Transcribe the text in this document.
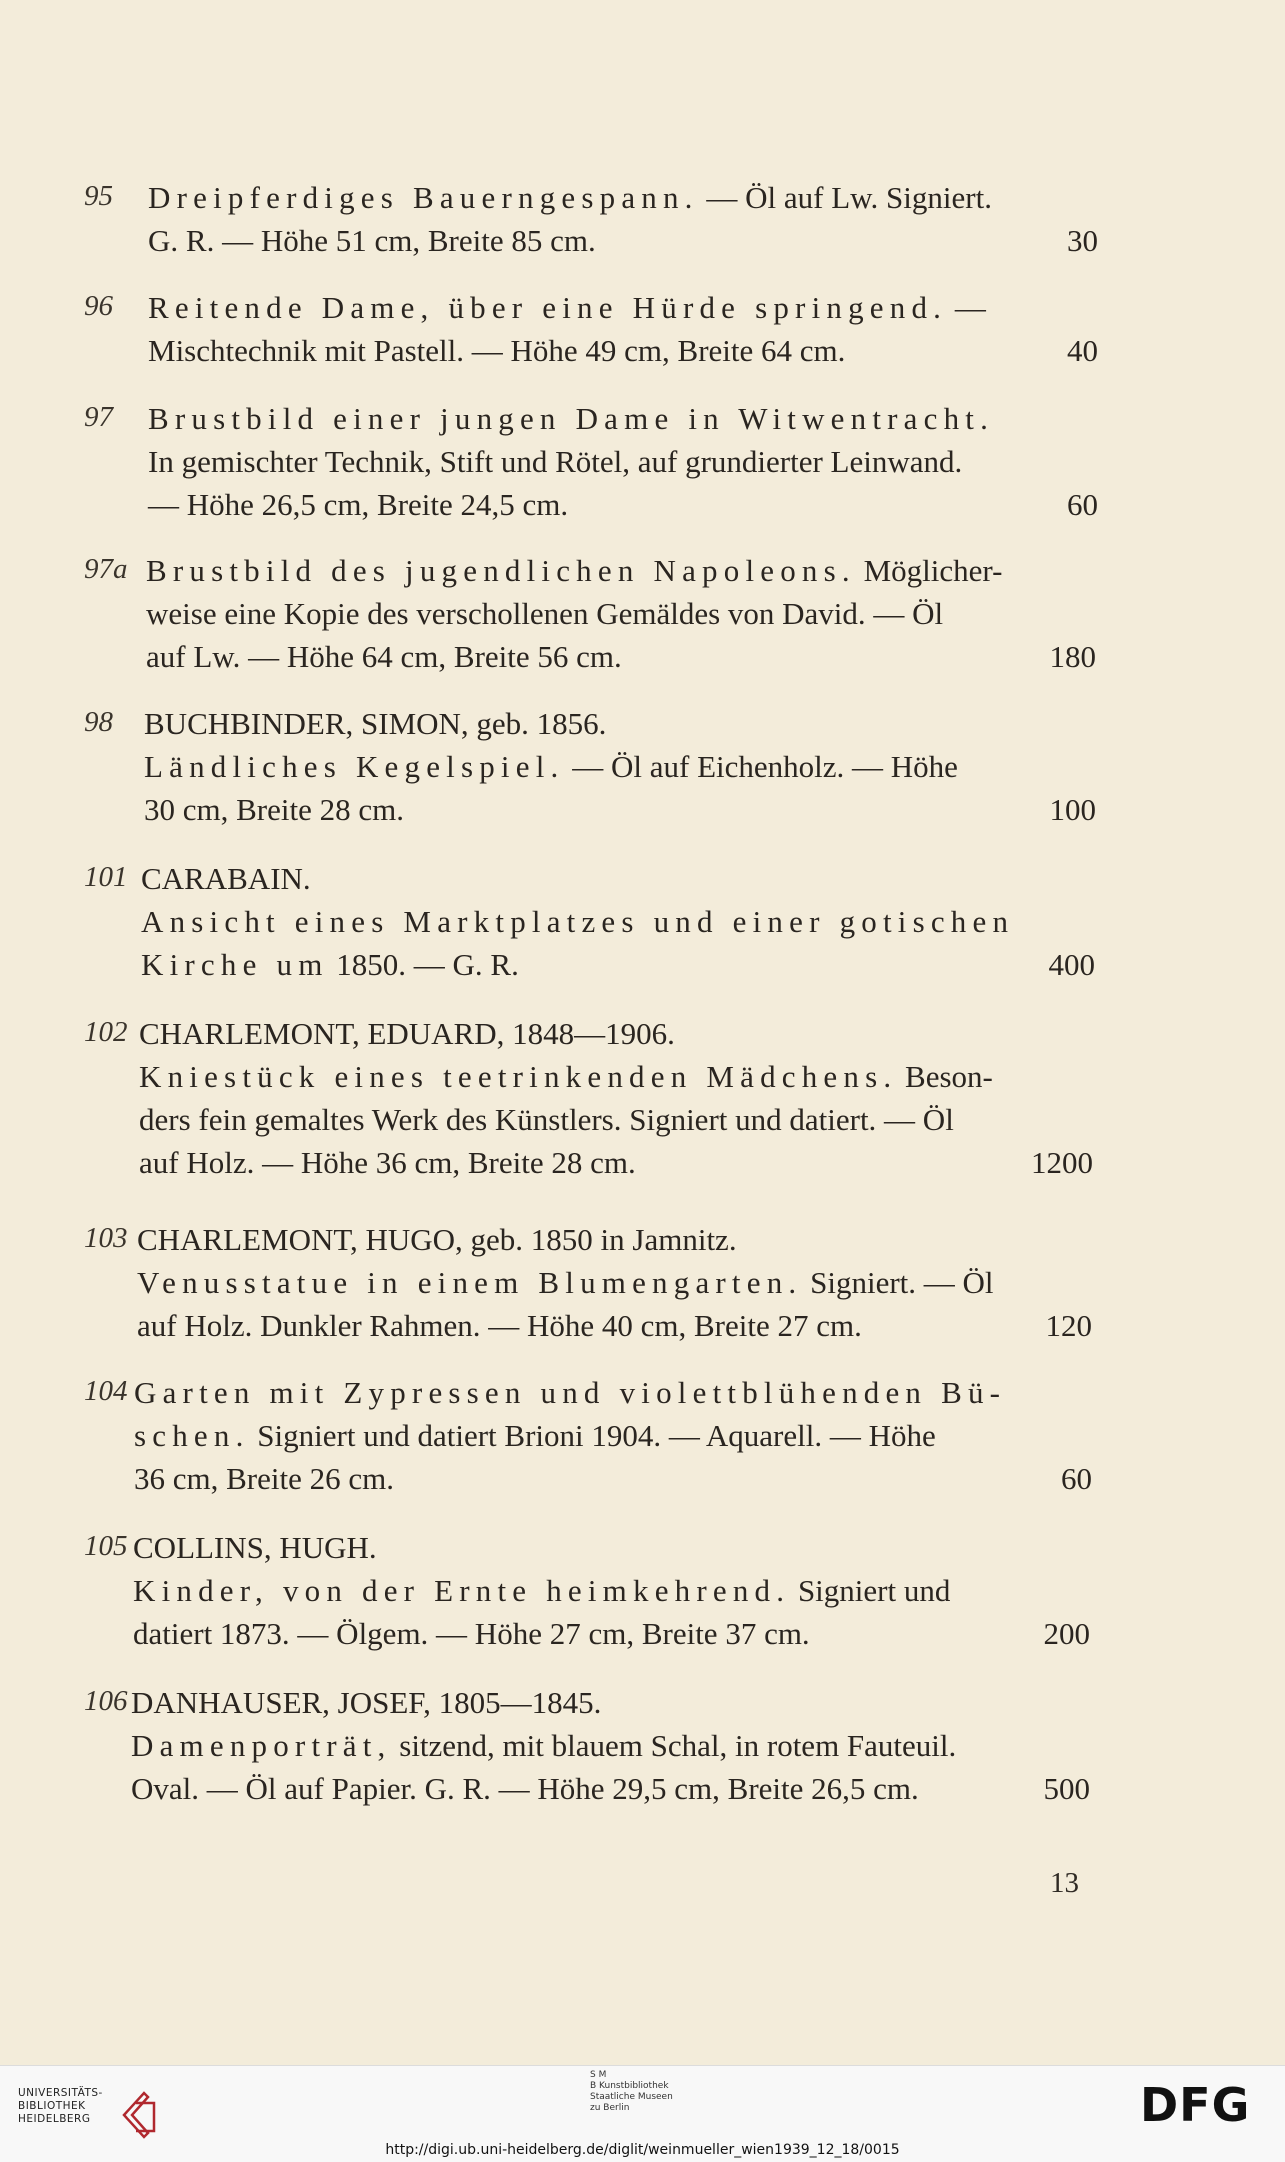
95	Dreipferdiges Bauerngespann. — Öl auf Lw. Signiert.
G. R. — Höhe 51 cm, Breite 85 cm.	30
96	Reitende Dame, über eine Hürde springend. —
Mischtechnik mit Pastell. — Höhe 49 cm, Breite 64 cm.	40
97	Brustbild einer jungen Dame in Witwentracht.
In gemischter Technik, Stift und Rötel, auf grundierter Leinwand.
— Höhe 26,5 cm, Breite 24,5 cm.	60
97a Brustbild des jugendlichen Napoleons. Möglicher-
weise eine Kopie des verschollenen Gemäldes von David. — Öl
auf Lw. — Höhe 64 cm, Breite 56 cm.	180
98	BUCHBINDER, SIMON, geb. 1856.
Ländliches Kegelspiel. — Öl auf Eichenholz. — Höhe
30 cm, Breite 28 cm.	100
101 CARABAIN.
Ansicht eines Marktplatzes und einer gotischen
Kirche um 1850. — G. R.	400
102 CHARLEMONT, EDUARD, 1848—1906.
Kniestück eines teetrinkenden Mädchens. Beson-
ders fein gemaltes Werk des Künstlers. Signiert und datiert. — Öl
auf Holz. — Höhe 36 cm, Breite 28 cm.	1200
103 CHARLEMONT, HUGO, geb. 1850 in Jamnitz.
Venusstatue in einem Blumengarten. Signiert. — Öl
auf Holz. Dunkler Rahmen. — Höhe 40 cm, Breite 27 cm.	120
104 Garten mit Zypressen und violettblühenden Bü-
schen. Signiert und datiert Brioni 1904. — Aquarell. — Höhe
36 cm, Breite 26 cm.	60
105 COLLINS, HUGH.
Kinder, von der Ernte heimkehrend. Signiert und
datiert 1873. — Ölgem. — Höhe 27 cm, Breite 37 cm.	200
106 DANHAUSER, JOSEF, 1805—1845.
Damenporträt, sitzend, mit blauem Schal, in rotem Fauteuil.
Oval. — Öl auf Papier. G. R. — Höhe 29,5 cm, Breite 26,5 cm.	500
13
UNIVERSITÄTS-
BIBLIOTHEK
HEIDELBERG
S M
B Kunstbibliothek
Staatliche Museen
zu Berlin	DFG
http://digi.ub.uni-heidelberg.de/diglit/weinmueller_wien1939_12_18/0015
